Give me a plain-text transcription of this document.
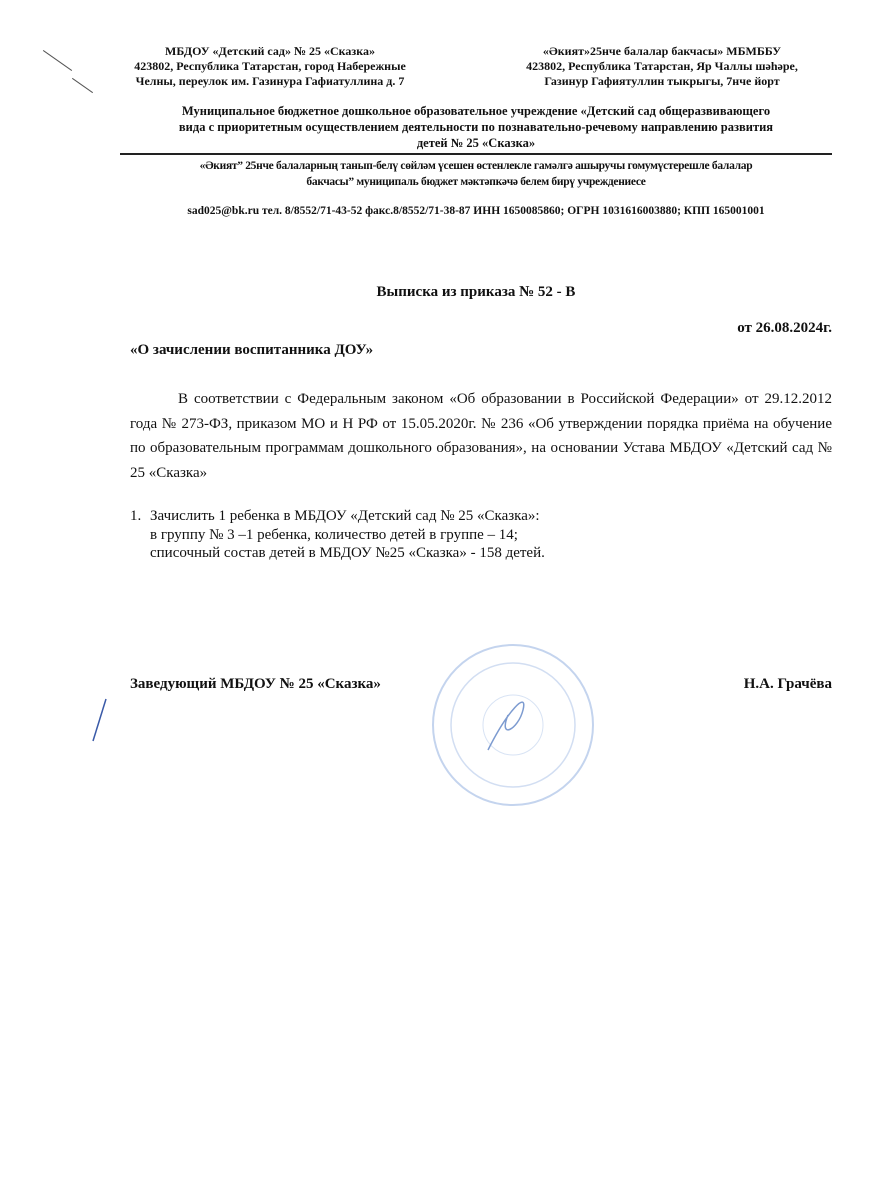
МБДОУ «Детский сад» № 25 «Сказка»
423802, Республика Татарстан, город Набережные
Челны, переулок им. Газинура Гафиатуллина д. 7
«Әкият»25нче балалар бакчасы» МБМББУ
423802, Республика Татарстан, Яр Чаллы шәһәре,
Газинур Гафиятуллин тыкрыгы, 7нче йорт
Муниципальное бюджетное дошкольное образовательное учреждение «Детский сад общеразвивающего
вида с приоритетным осуществлением деятельности по познавательно-речевому направлению развития
детей № 25 «Сказка»
«Әкият” 25нче балаларның танып-белү сөйләм үсешен өстенлекле гамәлгә ашыручы гомумүстерешле балалар
бакчасы” муниципаль бюджет мәктәпкәчә белем бирү учреждениесе
sad025@bk.ru тел. 8/8552/71-43-52 факс.8/8552/71-38-87 ИНН 1650085860; ОГРН 1031616003880; КПП 165001001
Выписка из приказа № 52 - В
от 26.08.2024г.
«О зачислении воспитанника ДОУ»
В соответствии с Федеральным законом «Об образовании в Российской Федерации» от 29.12.2012 года № 273-ФЗ, приказом МО и Н РФ от 15.05.2020г. № 236 «Об утверждении порядка приёма на обучение по образовательным программам дошкольного образования», на основании Устава МБДОУ «Детский сад № 25 «Сказка»
1. Зачислить 1 ребенка в МБДОУ «Детский сад № 25 «Сказка»:
в группу № 3 –1 ребенка, количество детей в группе – 14;
списочный состав детей в МБДОУ №25 «Сказка» - 158 детей.
Заведующий МБДОУ № 25 «Сказка»	Н.А. Грачёва
